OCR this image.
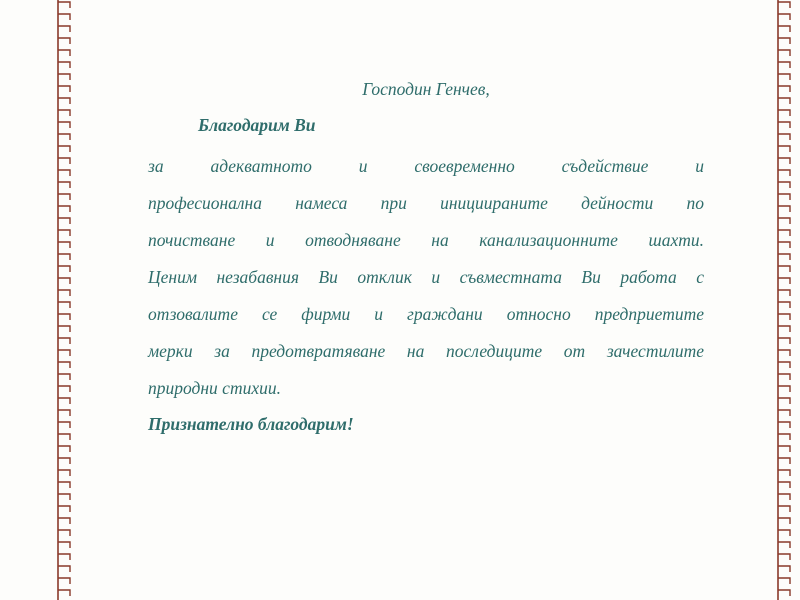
Господин Генчев,
Благодарим Ви
за адекватното и своевременно съдействие и
професионална намеса при инициираните дейности по
почистване и отводняване на канализационните шахти.
Ценим незабавния Ви отклик и съвместната Ви работа с
отзовалите се фирми и граждани относно предприетите
мерки за предотвратяване на последиците от зачестилите
природни стихии.
Признателно благодарим!
